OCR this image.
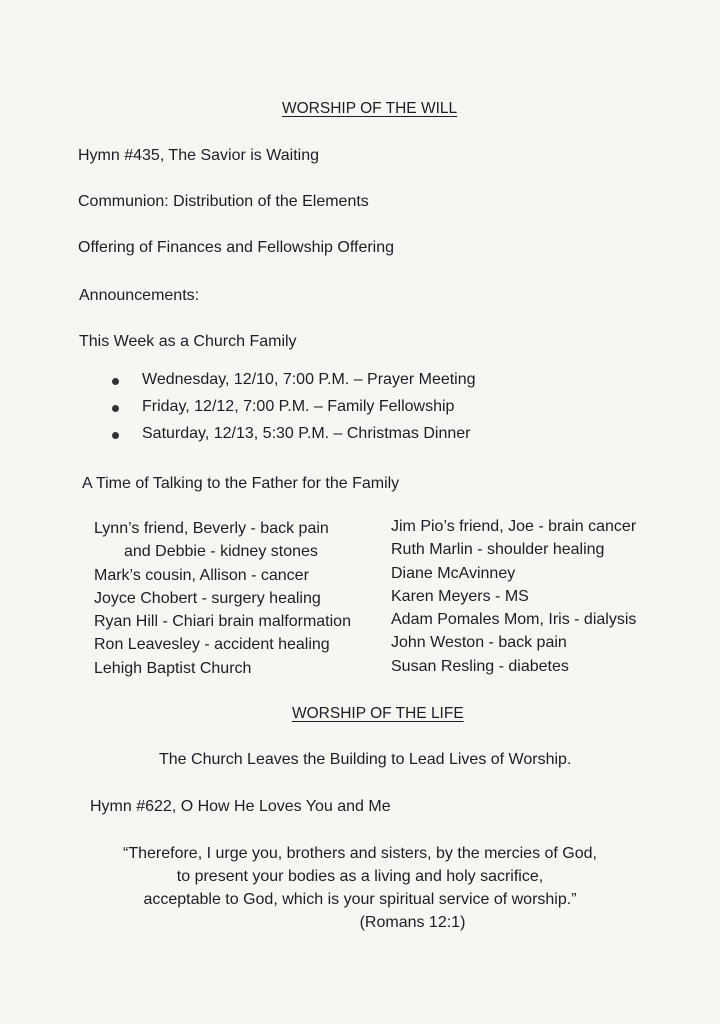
WORSHIP OF THE WILL
Hymn #435, The Savior is Waiting
Communion: Distribution of the Elements
Offering of Finances and Fellowship Offering
Announcements:
This Week as a Church Family
Wednesday, 12/10, 7:00 P.M. – Prayer Meeting
Friday, 12/12, 7:00 P.M. – Family Fellowship
Saturday, 12/13, 5:30 P.M. – Christmas Dinner
A Time of Talking to the Father for the Family
Lynn’s friend, Beverly - back pain
and Debbie - kidney stones
Mark’s cousin, Allison - cancer
Joyce Chobert - surgery healing
Ryan Hill - Chiari brain malformation
Ron Leavesley - accident healing
Lehigh Baptist Church
Jim Pio’s friend, Joe - brain cancer
Ruth Marlin - shoulder healing
Diane McAvinney
Karen Meyers - MS
Adam Pomales Mom, Iris - dialysis
John Weston - back pain
Susan Resling - diabetes
WORSHIP OF THE LIFE
The Church Leaves the Building to Lead Lives of Worship.
Hymn #622, O How He Loves You and Me
“Therefore, I urge you, brothers and sisters, by the mercies of God,
to present your bodies as a living and holy sacrifice,
acceptable to God, which is your spiritual service of worship.”
(Romans 12:1)
